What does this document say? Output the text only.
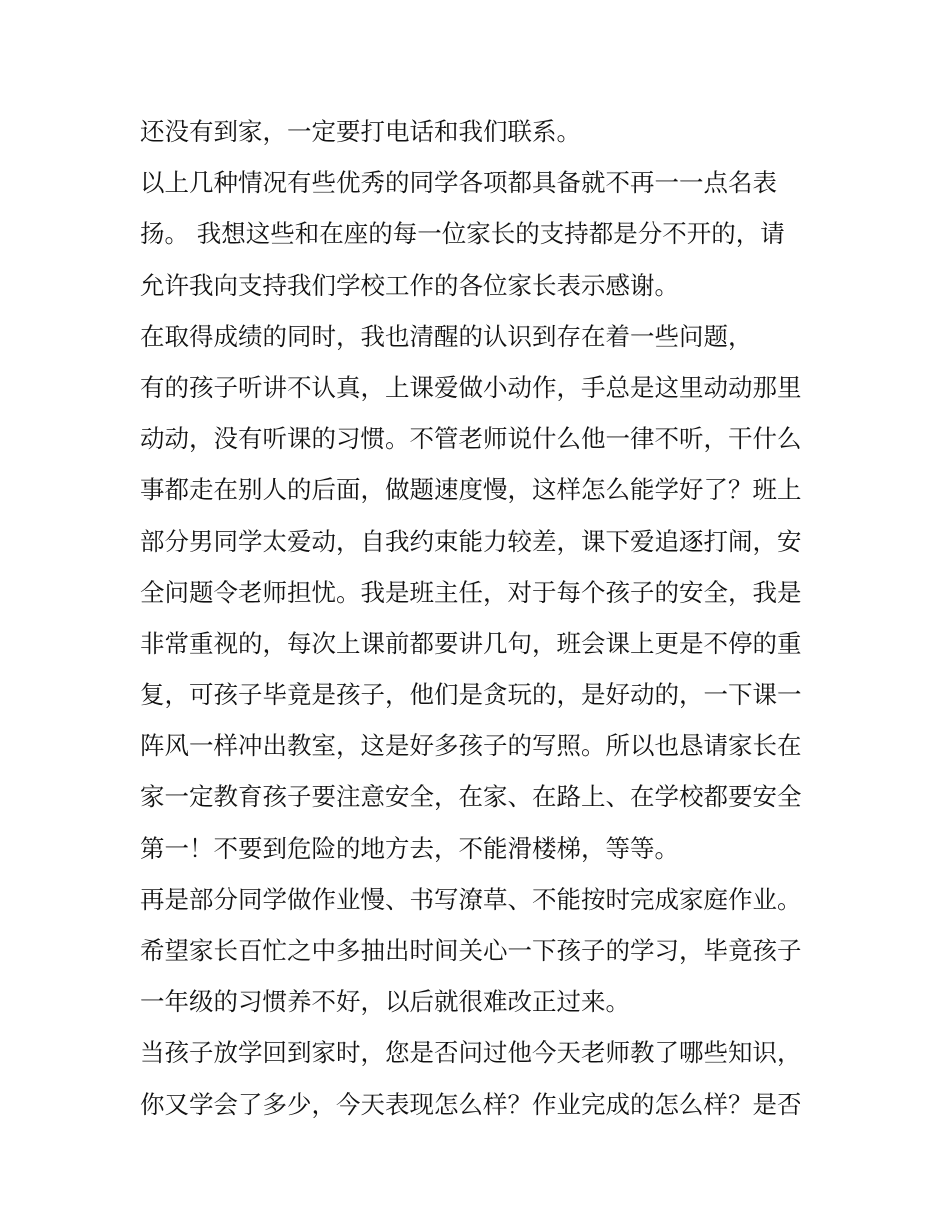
还没有到家，一定要打电话和我们联系。
以上几种情况有些优秀的同学各项都具备就不再一一点名表
扬。 我想这些和在座的每一位家长的支持都是分不开的，请
允许我向支持我们学校工作的各位家长表示感谢。
在取得成绩的同时，我也清醒的认识到存在着一些问题，
有的孩子听讲不认真，上课爱做小动作，手总是这里动动那里
动动，没有听课的习惯。不管老师说什么他一律不听，干什么
事都走在别人的后面，做题速度慢，这样怎么能学好了？班上
部分男同学太爱动，自我约束能力较差，课下爱追逐打闹，安
全问题令老师担忧。我是班主任，对于每个孩子的安全，我是
非常重视的，每次上课前都要讲几句，班会课上更是不停的重
复，可孩子毕竟是孩子，他们是贪玩的，是好动的，一下课一
阵风一样冲出教室，这是好多孩子的写照。所以也恳请家长在
家一定教育孩子要注意安全，在家、在路上、在学校都要安全
第一！不要到危险的地方去，不能滑楼梯，等等。
再是部分同学做作业慢、书写潦草、不能按时完成家庭作业。
希望家长百忙之中多抽出时间关心一下孩子的学习，毕竟孩子
一年级的习惯养不好，以后就很难改正过来。
当孩子放学回到家时，您是否问过他今天老师教了哪些知识，
你又学会了多少，今天表现怎么样？作业完成的怎么样？是否
